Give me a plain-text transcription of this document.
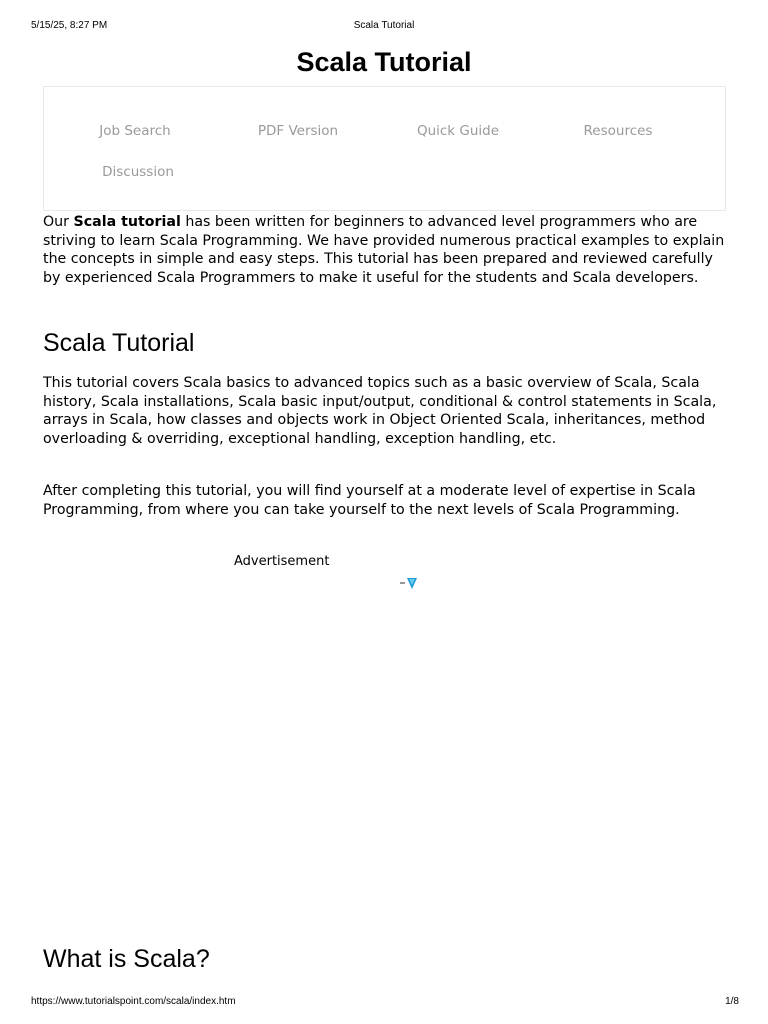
5/15/25, 8:27 PM	Scala Tutorial
Scala Tutorial
Job Search	PDF Version	Quick Guide	Resources
Discussion

Our Scala tutorial has been written for beginners to advanced level programmers who are striving to learn Scala Programming. We have provided numerous practical examples to explain the concepts in simple and easy steps. This tutorial has been prepared and reviewed carefully by experienced Scala Programmers to make it useful for the students and Scala developers.

Scala Tutorial

This tutorial covers Scala basics to advanced topics such as a basic overview of Scala, Scala history, Scala installations, Scala basic input/output, conditional & control statements in Scala, arrays in Scala, how classes and objects work in Object Oriented Scala, inheritances, method overloading & overriding, exceptional handling, exception handling, etc.

After completing this tutorial, you will find yourself at a moderate level of expertise in Scala Programming, from where you can take yourself to the next levels of Scala Programming.

Advertisement
What is Scala?
https://www.tutorialspoint.com/scala/index.htm	1/8
